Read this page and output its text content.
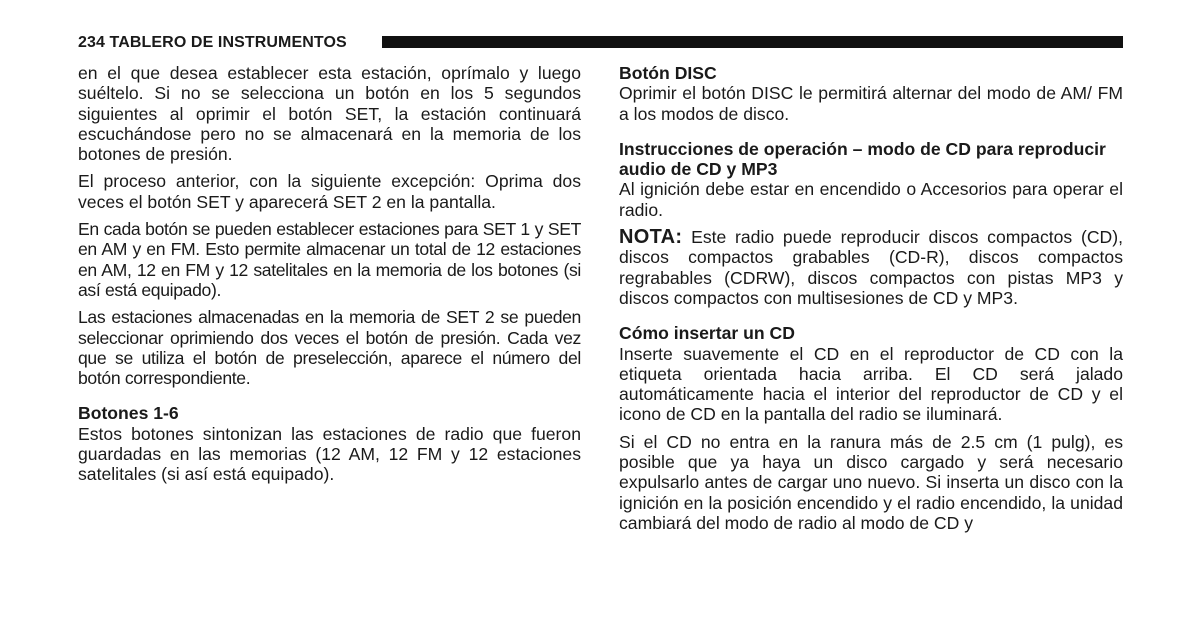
234 TABLERO DE INSTRUMENTOS

en el que desea establecer esta estación, oprímalo y luego suéltelo. Si no se selecciona un botón en los 5 segundos siguientes al oprimir el botón SET, la estación continuará escuchándose pero no se almacenará en la memoria de los botones de presión.

El proceso anterior, con la siguiente excepción: Oprima dos veces el botón SET y aparecerá SET 2 en la pantalla.

En cada botón se pueden establecer estaciones para SET 1 y SET en AM y en FM. Esto permite almacenar un total de 12 estaciones en AM, 12 en FM y 12 satelitales en la memoria de los botones (si así está equipado).

Las estaciones almacenadas en la memoria de SET 2 se pueden seleccionar oprimiendo dos veces el botón de presión. Cada vez que se utiliza el botón de preselección, aparece el número del botón correspondiente.

Botones 1-6

Estos botones sintonizan las estaciones de radio que fueron guardadas en las memorias (12 AM, 12 FM y 12 estaciones satelitales (si así está equipado).

Botón DISC

Oprimir el botón DISC le permitirá alternar del modo de AM/ FM a los modos de disco.

Instrucciones de operación – modo de CD para reproducir audio de CD y MP3

Al ignición debe estar en encendido o Accesorios para operar el radio.

NOTA: Este radio puede reproducir discos compactos (CD), discos compactos grabables (CD-R), discos compactos regrabables (CDRW), discos compactos con pistas MP3 y discos compactos con multisesiones de CD y MP3.

Cómo insertar un CD

Inserte suavemente el CD en el reproductor de CD con la etiqueta orientada hacia arriba. El CD será jalado automáticamente hacia el interior del reproductor de CD y el icono de CD en la pantalla del radio se iluminará.

Si el CD no entra en la ranura más de 2.5 cm (1 pulg), es posible que ya haya un disco cargado y será necesario expulsarlo antes de cargar uno nuevo. Si inserta un disco con la ignición en la posición encendido y el radio encendido, la unidad cambiará del modo de radio al modo de CD y
